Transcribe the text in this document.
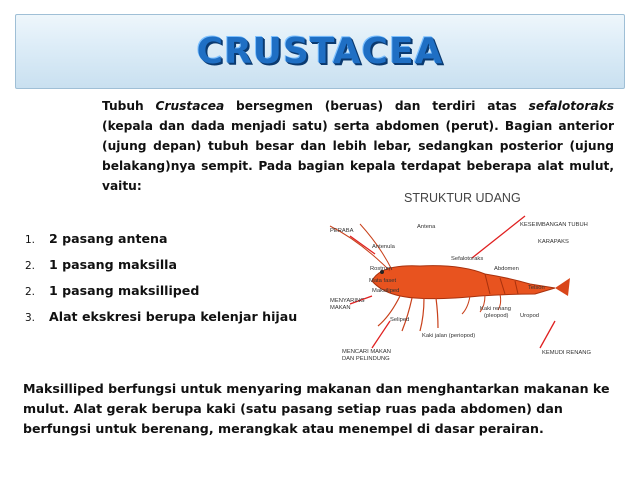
CRUSTACEA
Tubuh Crustacea bersegmen (beruas) dan terdiri atas sefalotoraks (kepala dan dada menjadi satu) serta abdomen (perut). Bagian anterior (ujung depan) tubuh besar dan lebih lebar, sedangkan posterior (ujung belakang)nya sempit. Pada bagian kepala terdapat beberapa alat mulut, vaitu:
1. 2 pasang antena
2. 1 pasang maksilla
2. 1 pasang maksilliped
3. Alat ekskresi berupa kelenjar hijau
STRUKTUR UDANG
PERABA
Antena	KESEIMBANGAN TUBUH
Antenula
KARAPAKS
Sefalotoraks
Rostrum	Abdomen
Mata faset
Maksiliped	Telson
MENYARING
MAKAN	Kaki renang
(pleopod) Uropod
Seliped
Kaki jalan (periopod)
MENCARI MAKAN
DAN PELINDUNG
KEMUDI RENANG
Maksilliped berfungsi untuk menyaring makanan dan menghantarkan makanan ke mulut. Alat gerak berupa kaki (satu pasang setiap ruas pada abdomen) dan berfungsi untuk berenang, merangkak atau menempel di dasar perairan.
